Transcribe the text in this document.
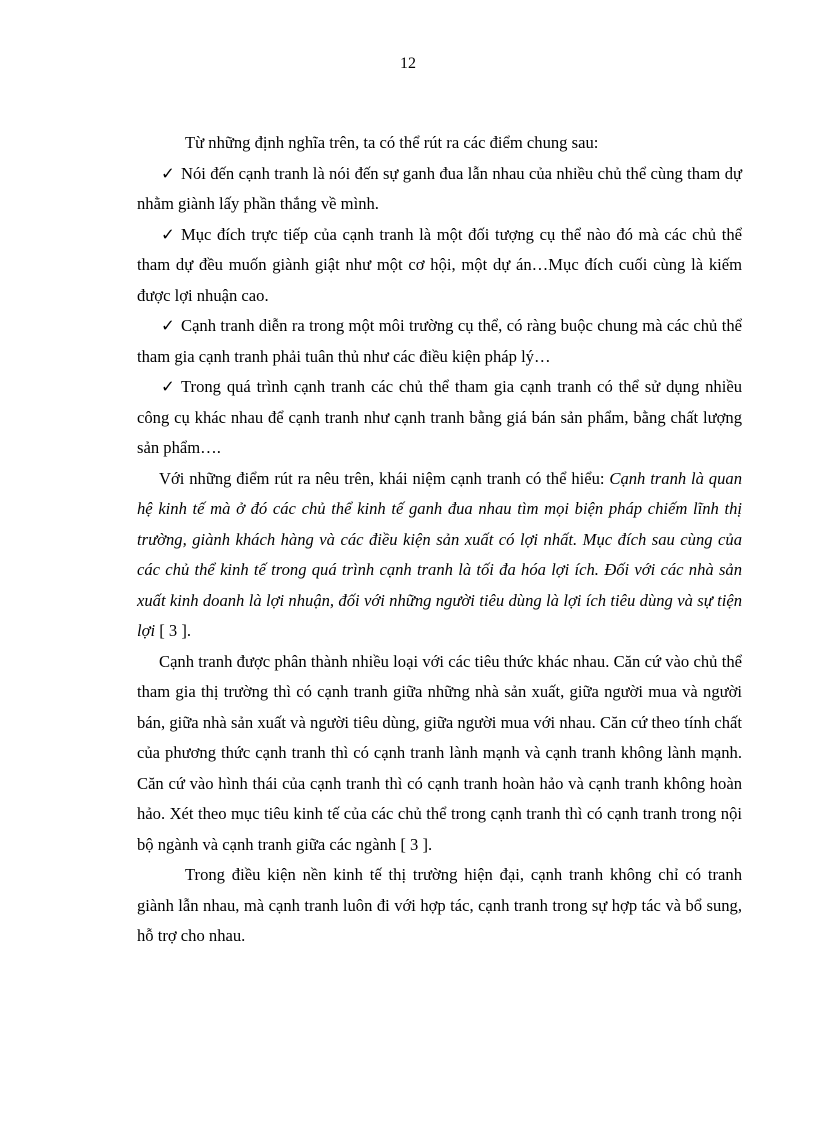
12

Từ những định nghĩa trên, ta có thể rút ra các điểm chung sau:

✓ Nói đến cạnh tranh là nói đến sự ganh đua lẫn nhau của nhiều chủ thể cùng tham dự nhằm giành lấy phần thắng về mình.

✓ Mục đích trực tiếp của cạnh tranh là một đối tượng cụ thể nào đó mà các chủ thể tham dự đều muốn giành giật như một cơ hội, một dự án…Mục đích cuối cùng là kiếm được lợi nhuận cao.

✓ Cạnh tranh diễn ra trong một môi trường cụ thể, có ràng buộc chung mà các chủ thể tham gia cạnh tranh phải tuân thủ như các điều kiện pháp lý…

✓ Trong quá trình cạnh tranh các chủ thể tham gia cạnh tranh có thể sử dụng nhiều công cụ khác nhau để cạnh tranh như cạnh tranh bằng giá bán sản phẩm, bằng chất lượng sản phẩm….

Với những điểm rút ra nêu trên, khái niệm cạnh tranh có thể hiểu: Cạnh tranh là quan hệ kinh tế mà ở đó các chủ thể kinh tế ganh đua nhau tìm mọi biện pháp chiếm lĩnh thị trường, giành khách hàng và các điều kiện sản xuất có lợi nhất. Mục đích sau cùng của các chủ thể kinh tế trong quá trình cạnh tranh là tối đa hóa lợi ích. Đối với các nhà sản xuất kinh doanh là lợi nhuận, đối với những người tiêu dùng là lợi ích tiêu dùng và sự tiện lợi [ 3 ].

Cạnh tranh được phân thành nhiều loại với các tiêu thức khác nhau. Căn cứ vào chủ thể tham gia thị trường thì có cạnh tranh giữa những nhà sản xuất, giữa người mua và người bán, giữa nhà sản xuất và người tiêu dùng, giữa người mua với nhau. Căn cứ theo tính chất của phương thức cạnh tranh thì có cạnh tranh lành mạnh và cạnh tranh không lành mạnh. Căn cứ vào hình thái của cạnh tranh thì có cạnh tranh hoàn hảo và cạnh tranh không hoàn hảo. Xét theo mục tiêu kinh tế của các chủ thể trong cạnh tranh thì có cạnh tranh trong nội bộ ngành và cạnh tranh giữa các ngành [ 3 ].

Trong điều kiện nền kinh tế thị trường hiện đại, cạnh tranh không chỉ có tranh giành lẫn nhau, mà cạnh tranh luôn đi với hợp tác, cạnh tranh trong sự hợp tác và bổ sung, hỗ trợ cho nhau.
